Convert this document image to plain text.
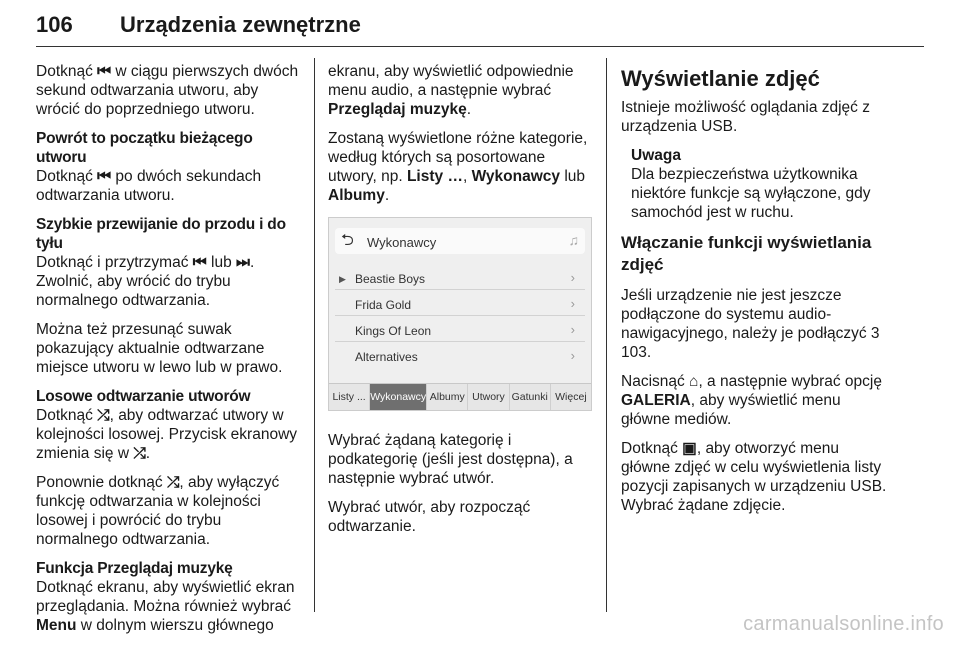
106 Urządzenia zewnętrzne

Dotknąć ⏮ w ciągu pierwszych dwóch sekund odtwarzania utworu, aby wrócić do poprzedniego utworu.

Powrót to początku bieżącego utworu

Dotknąć ⏮ po dwóch sekundach odtwarzania utworu.

Szybkie przewijanie do przodu i do tyłu

Dotknąć i przytrzymać ⏮ lub ⏭. Zwolnić, aby wrócić do trybu normalnego odtwarzania.

Można też przesunąć suwak pokazujący aktualnie odtwarzane miejsce utworu w lewo lub w prawo.

Losowe odtwarzanie utworów

Dotknąć ⤮, aby odtwarzać utwory w kolejności losowej. Przycisk ekranowy zmienia się w ⤮.

Ponownie dotknąć ⤮, aby wyłączyć funkcję odtwarzania w kolejności losowej i powrócić do trybu normalnego odtwarzania.

Funkcja Przeglądaj muzykę

Dotknąć ekranu, aby wyświetlić ekran przeglądania. Można również wybrać Menu w dolnym wierszu głównego

ekranu, aby wyświetlić odpowiednie menu audio, a następnie wybrać Przeglądaj muzykę.

Zostaną wyświetlone różne kategorie, według których są posortowane utwory, np. Listy …, Wykonawcy lub Albumy.

⮌ Wykonawcy	♫
▶ Beastie Boys	›
Frida Gold	›
Kings Of Leon	›
Alternatives	›
Listy ... Wykonawcy Albumy Utwory Gatunki Więcej

Wybrać żądaną kategorię i podkategorię (jeśli jest dostępna), a następnie wybrać utwór.

Wybrać utwór, aby rozpocząć odtwarzanie.

Wyświetlanie zdjęć

Istnieje możliwość oglądania zdjęć z urządzenia USB.

Uwaga
Dla bezpieczeństwa użytkownika niektóre funkcje są wyłączone, gdy samochód jest w ruchu.
Włączanie funkcji wyświetlania zdjęć

Jeśli urządzenie nie jest jeszcze podłączone do systemu audio-nawigacyjnego, należy je podłączyć 3 103.

Nacisnąć ⌂, a następnie wybrać opcję GALERIA, aby wyświetlić menu główne mediów.

Dotknąć ▣, aby otworzyć menu główne zdjęć w celu wyświetlenia listy pozycji zapisanych w urządzeniu USB. Wybrać żądane zdjęcie.

carmanualsonline.info
